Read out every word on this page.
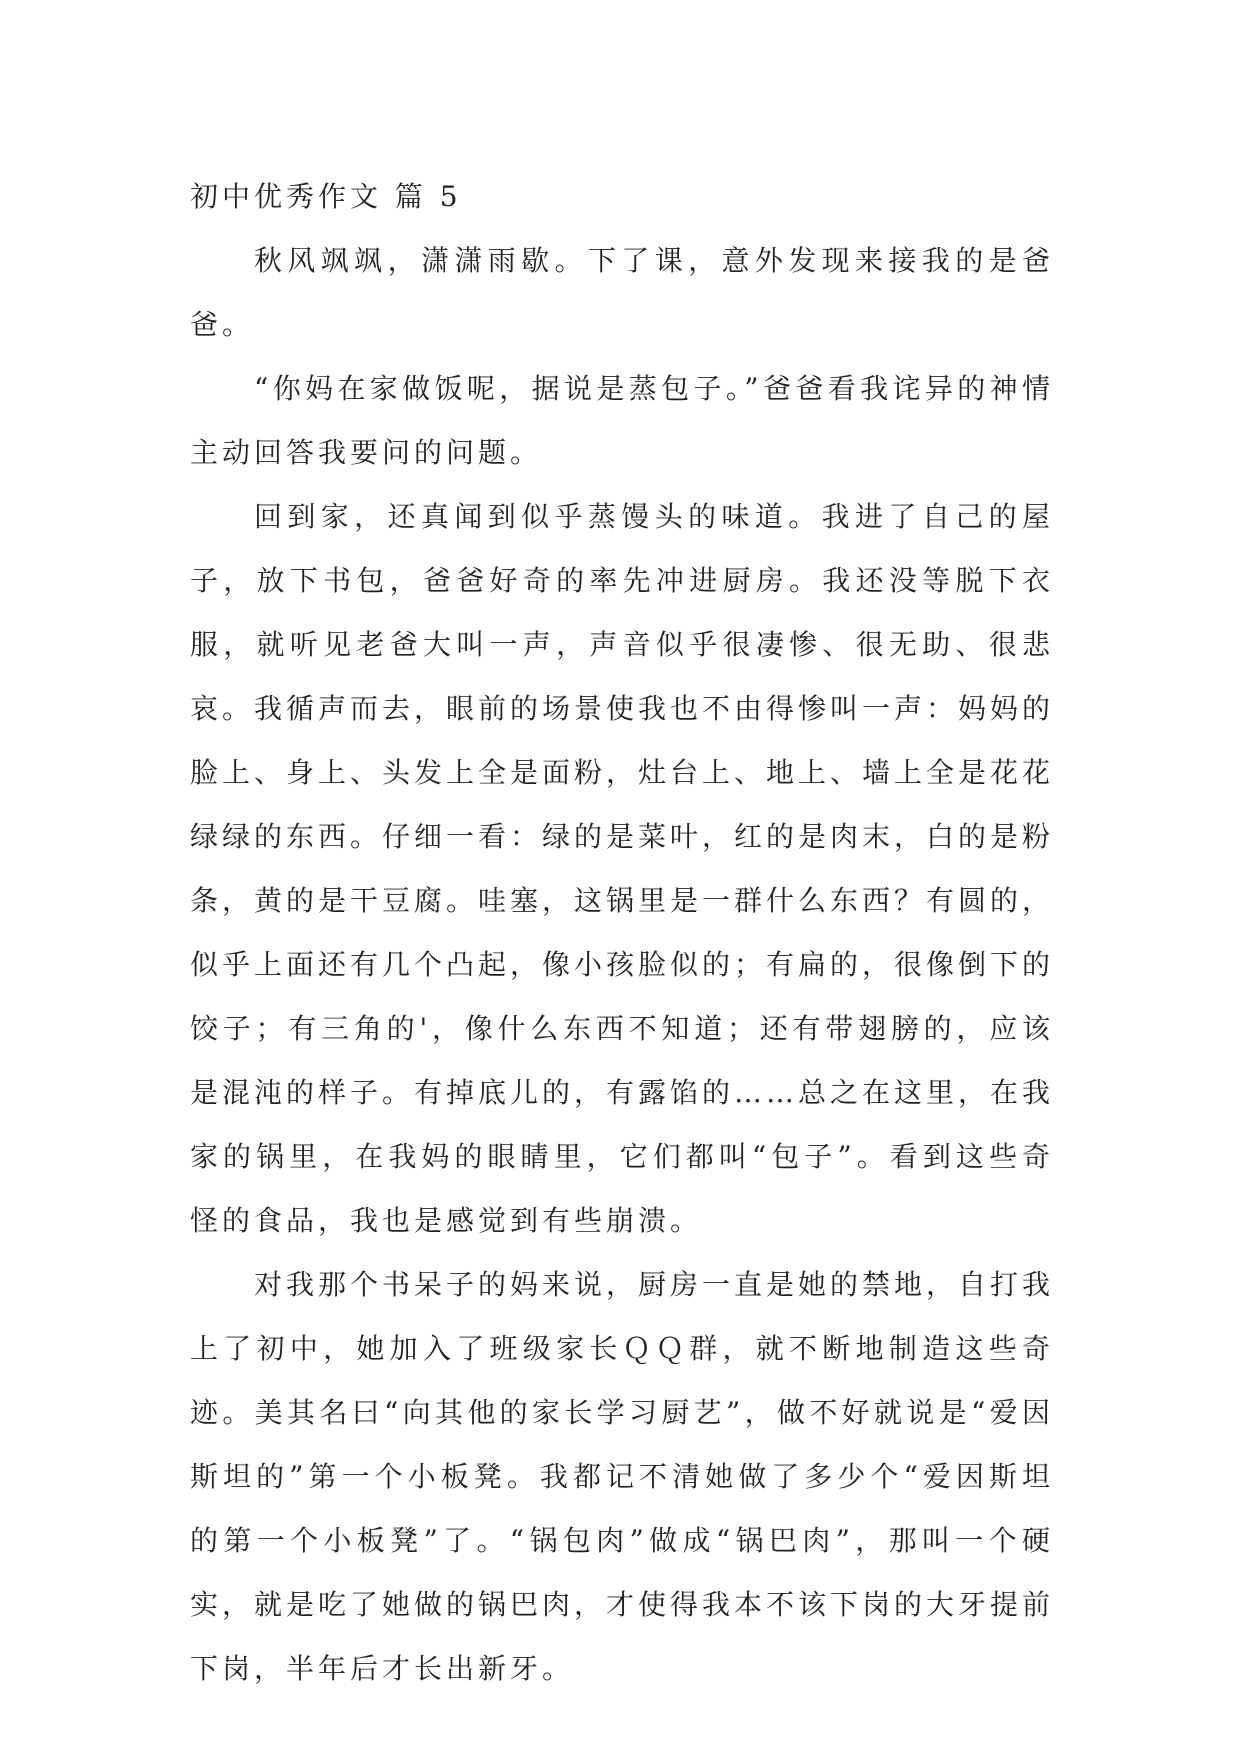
初中优秀作文 篇 5

秋风飒飒，潇潇雨歇。下了课，意外发现来接我的是爸爸。

“你妈在家做饭呢，据说是蒸包子。”爸爸看我诧异的神情主动回答我要问的问题。

回到家，还真闻到似乎蒸馒头的味道。我进了自己的屋子，放下书包，爸爸好奇的率先冲进厨房。我还没等脱下衣服，就听见老爸大叫一声，声音似乎很凄惨、很无助、很悲哀。我循声而去，眼前的场景使我也不由得惨叫一声：妈妈的脸上、身上、头发上全是面粉，灶台上、地上、墙上全是花花绿绿的东西。仔细一看：绿的是菜叶，红的是肉末，白的是粉条，黄的是干豆腐。哇塞，这锅里是一群什么东西？有圆的，似乎上面还有几个凸起，像小孩脸似的；有扁的，很像倒下的饺子；有三角的'，像什么东西不知道；还有带翅膀的，应该是混沌的样子。有掉底儿的，有露馅的……总之在这里，在我家的锅里，在我妈的眼睛里，它们都叫“包子”。看到这些奇怪的食品，我也是感觉到有些崩溃。

对我那个书呆子的妈来说，厨房一直是她的禁地，自打我上了初中，她加入了班级家长ＱＱ群，就不断地制造这些奇迹。美其名曰“向其他的家长学习厨艺”，做不好就说是“爱因斯坦的”第一个小板凳。我都记不清她做了多少个“爱因斯坦的第一个小板凳”了。“锅包肉”做成“锅巴肉”，那叫一个硬实，就是吃了她做的锅巴肉，才使得我本不该下岗的大牙提前下岗，半年后才长出新牙。
